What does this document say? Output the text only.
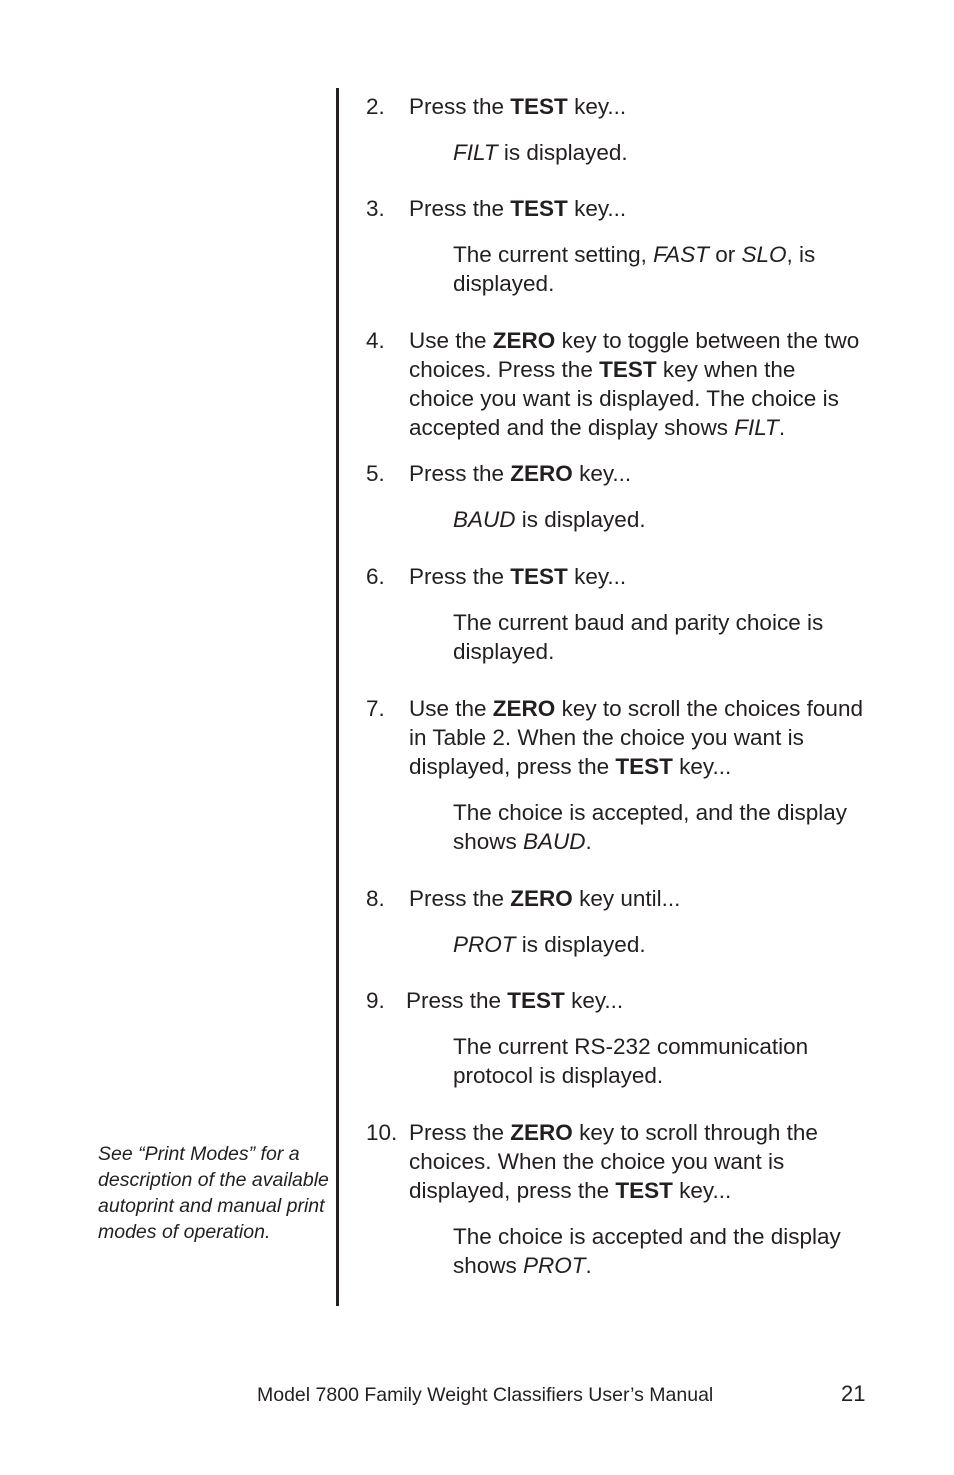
See “Print Modes” for a description of the available autoprint and manual print modes of operation.
2. Press the TEST key...
FILT is displayed.
3. Press the TEST key...
The current setting, FAST or SLO, is displayed.
4. Use the ZERO key to toggle between the two choices. Press the TEST key when the choice you want is displayed. The choice is accepted and the display shows FILT.
5. Press the ZERO key...
BAUD is displayed.
6. Press the TEST key...
The current baud and parity choice is displayed.
7. Use the ZERO key to scroll the choices found in Table 2. When the choice you want is displayed, press the TEST key...
The choice is accepted, and the display shows BAUD.
8. Press the ZERO key until...
PROT is displayed.
9. Press the TEST key...
The current RS-232 communication protocol is displayed.
10. Press the ZERO key to scroll through the choices. When the choice you want is displayed, press the TEST key...
The choice is accepted and the display shows PROT.
Model 7800 Family Weight Classifiers User’s Manual	21
